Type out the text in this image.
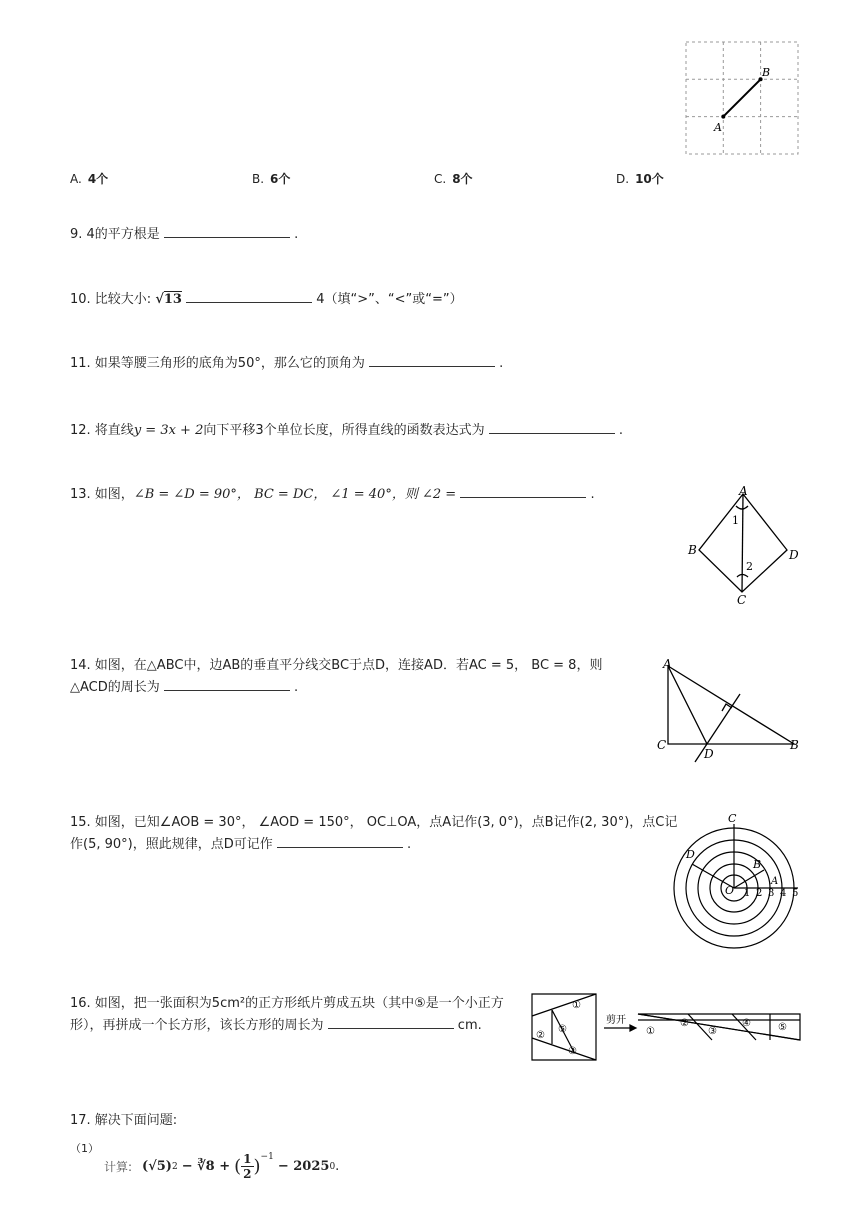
A
B
A. 4个	B. 6个	C. 8个	D. 10个
9. 4的平方根是	.
10. 比较大小: √13	4（填“>”、“<”或“=”）
11. 如果等腰三角形的底角为50°，那么它的顶角为	.
12. 将直线y = 3x + 2向下平移3个单位长度，所得直线的函数表达式为	.
13. 如图，∠B = ∠D = 90°， BC = DC， ∠1 = 40°，则 ∠2 =	.	A
B
C
D
1
2
14. 如图，在△ABC中，边AB的垂直平分线交BC于点D，连接AD．若AC = 5， BC = 8，则
△ACD的周长为	.
A
C
D
B
15. 如图，已知∠AOB = 30°， ∠AOD = 150°， OC⊥OA，点A记作(3, 0°)，点B记作(2, 30°)，点C记
作(5, 90°)，照此规律，点D可记作	.
C
D
B
A
O 1 2 3 4 5
16. 如图，把一张面积为5cm²的正方形纸片剪成五块（其中⑤是一个小正方
形），再拼成一个长方形，该长方形的周长为	cm.	剪开
①
②
⑤
③
①
②
③
④	⑤
17. 解决下面问题:
（1）
计算: (√5) 2 − ∛8 + ( 1
2 )$^{-1}$
− 2025 0 .
